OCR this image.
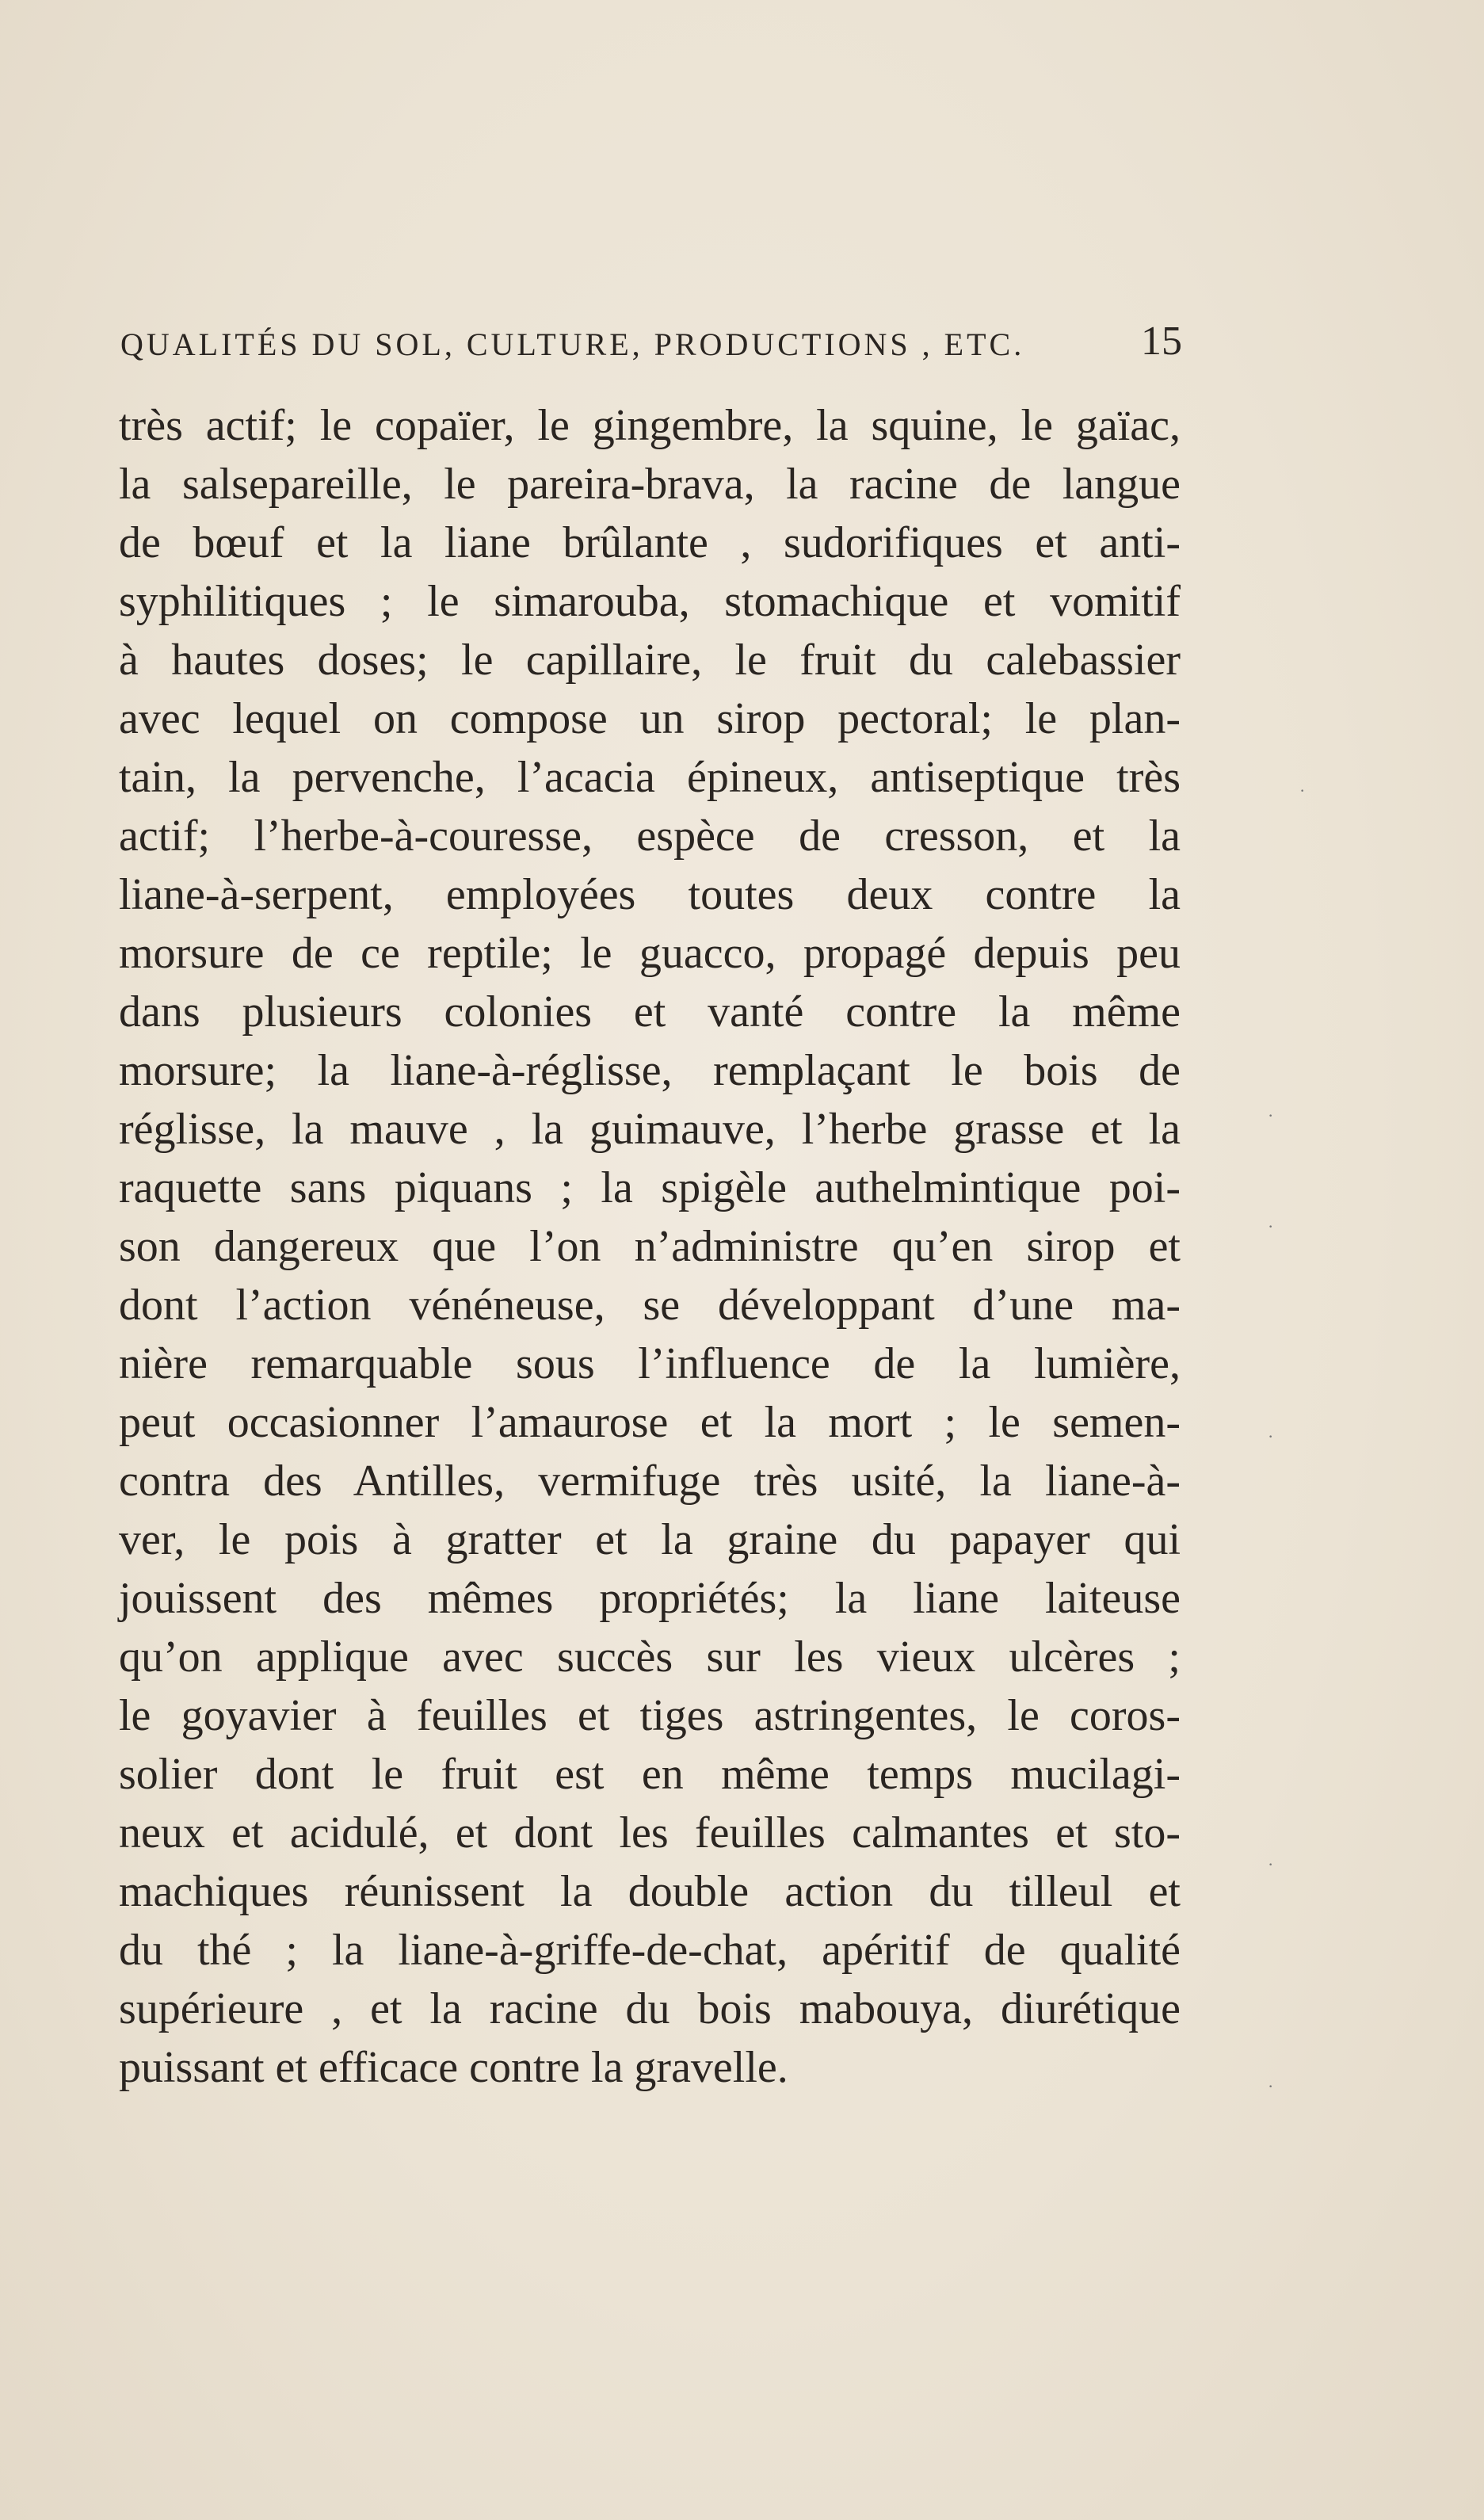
QUALITÉS DU SOL, CULTURE, PRODUCTIONS , ETC.	15
très actif; le copaïer, le gingembre, la squine, le gaïac,
la salsepareille, le pareira-brava, la racine de langue
de bœuf et la liane brûlante , sudorifiques et anti-
syphilitiques ; le simarouba, stomachique et vomitif
à hautes doses; le capillaire, le fruit du calebassier
avec lequel on compose un sirop pectoral; le plan-
tain, la pervenche, l’acacia épineux, antiseptique très
actif; l’herbe-à-couresse, espèce de cresson, et la
liane-à-serpent, employées toutes deux contre la
morsure de ce reptile; le guacco, propagé depuis peu
dans plusieurs colonies et vanté contre la même
morsure; la liane-à-réglisse, remplaçant le bois de
réglisse, la mauve , la guimauve, l’herbe grasse et la
raquette sans piquans ; la spigèle authelmintique poi-
son dangereux que l’on n’administre qu’en sirop et
dont l’action vénéneuse, se développant d’une ma-
nière remarquable sous l’influence de la lumière,
peut occasionner l’amaurose et la mort ; le semen-
contra des Antilles, vermifuge très usité, la liane-à-
ver, le pois à gratter et la graine du papayer qui
jouissent des mêmes propriétés; la liane laiteuse
qu’on applique avec succès sur les vieux ulcères ;
le goyavier à feuilles et tiges astringentes, le coros-
solier dont le fruit est en même temps mucilagi-
neux et acidulé, et dont les feuilles calmantes et sto-
machiques réunissent la double action du tilleul et
du thé ; la liane-à-griffe-de-chat, apéritif de qualité
supérieure , et la racine du bois mabouya, diurétique
puissant et efficace contre la gravelle.
·
·
·
·
·
·
